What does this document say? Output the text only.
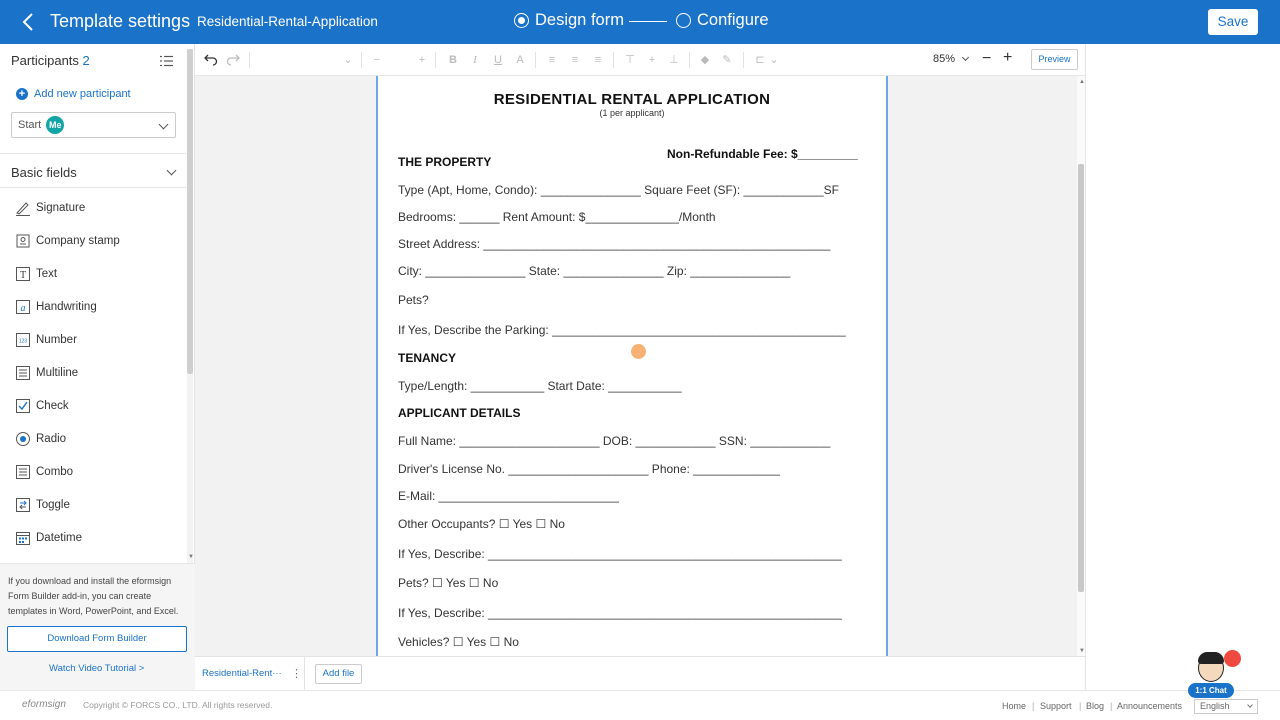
Template settings Residential-Rental-Application	Design form	Configure	Save
Participants 2
+ Add new participant
Start Me
Basic fields
Signature
Company stamp
T Text
a Handwriting
123 Number
Multiline
Check
Radio
Combo
Toggle
Datetime
▼
If you download and install the eformsign Form Builder add-in, you can create templates in Word, PowerPoint, and Excel.
Download Form Builder
Watch Video Tutorial >
⌄	−	+	B	I	U	A	≡	≡	≡	⊤	+	⊥	◆	✎	⊏ ⌄	85% − +	Preview
RESIDENTIAL RENTAL APPLICATION
(1 per applicant)
Non-Refundable Fee: $_________
THE PROPERTY
Type (Apt, Home, Condo): _______________ Square Feet (SF): ____________SF
Bedrooms: ______ Rent Amount: $______________/Month
Street Address: ____________________________________________________
City: _______________ State: _______________ Zip: _______________
Pets?
If Yes, Describe the Parking: ____________________________________________
TENANCY
Type/Length: ___________ Start Date: ___________
APPLICANT DETAILS
Full Name: _____________________ DOB: ____________ SSN: ____________
Driver's License No. _____________________ Phone: _____________
E-Mail: ___________________________
Other Occupants? ☐ Yes ☐ No
If Yes, Describe: _____________________________________________________
Pets? ☐ Yes ☐ No
If Yes, Describe: _____________________________________________________
Vehicles? ☐ Yes ☐ No
▲
▼
Residential-Rent··· ⋮	Add file
eformsign Copyright © FORCS CO., LTD. All rights reserved.	Home | Support | Blog | Announcements	English
1:1 Chat
